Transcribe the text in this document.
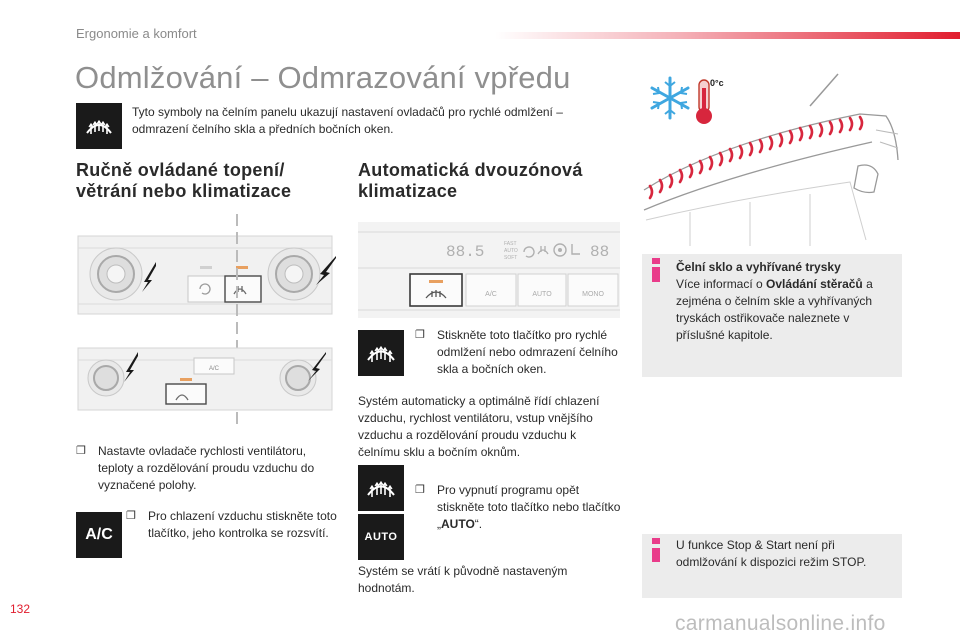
Ergonomie a komfort
Odmlžování – Odmrazování vpředu
Tyto symboly na čelním panelu ukazují nastavení ovladačů pro rychlé odmlžení – odmrazení čelního skla a předních bočních oken.
Ručně ovládané topení/
větrání nebo klimatizace
A/C
❐	Nastavte ovladače rychlosti ventilátoru, teploty a rozdělování proudu vzduchu do vyznačené polohy.
A/C
❐	Pro chlazení vzduchu stiskněte toto tlačítko, jeho kontrolka se rozsvítí.
Automatická dvouzónová
klimatizace
88.5	FAST
AUTO
SOFT	88
A/C	AUTO	MONO
❐	Stiskněte toto tlačítko pro rychlé odmlžení nebo odmrazení čelního skla a bočních oken.
Systém automaticky a optimálně řídí chlazení vzduchu, rychlost ventilátoru, vstup vnějšího vzduchu a rozdělování proudu vzduchu k čelnímu sklu a bočním oknům.
AUTO
❐	Pro vypnutí programu opět stiskněte toto tlačítko nebo tlačítko „AUTO“.
Systém se vrátí k původně nastaveným hodnotám.
0°c
Čelní sklo a vyhřívané trysky
Více informací o Ovládání stěračů a zejména o čelním skle a vyhřívaných tryskách ostřikovače naleznete v příslušné kapitole.
U funkce Stop & Start není při odmlžování k dispozici režim STOP.
132
carmanualsonline.info
